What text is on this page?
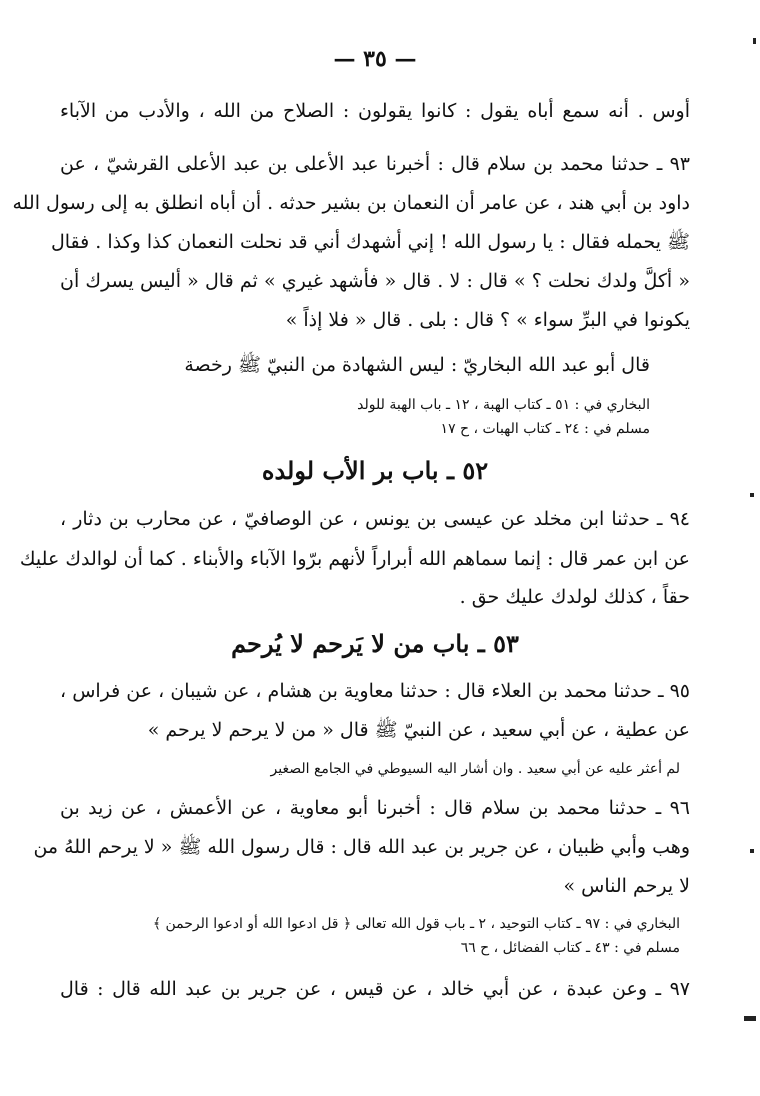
— ٣٥ —
أوس . أنه سمع أباه يقول : كانوا يقولون : الصلاح من الله ، والأدب من الآباء
٩٣ ـ حدثنا محمد بن سلام قال : أخبرنا عبد الأعلى بن عبد الأعلى القرشيّ ، عن
داود بن أبي هند ، عن عامر أن النعمان بن بشير حدثه . أن أباه انطلق به إلى رسول الله
ﷺ يحمله فقال : يا رسول الله ! إني أشهدك أني قد نحلت النعمان كذا وكذا . فقال
« أكلَّ ولدك نحلت ؟ » قال : لا . قال « فأشهد غيري » ثم قال « أليس يسرك أن
يكونوا في البرِّ سواء » ؟ قال : بلى . قال « فلا إذاً »
قال أبو عبد الله البخاريّ : ليس الشهادة من النبيّ ﷺ رخصة
البخاري في : ٥١ ـ كتاب الهبة ، ١٢ ـ باب الهبة للولد
مسلم في : ٢٤ ـ كتاب الهبات ، ح ١٧
٥٢ ـ باب بر الأب لولده
٩٤ ـ حدثنا ابن مخلد عن عيسى بن يونس ، عن الوصافيّ ، عن محارب بن دثار ،
عن ابن عمر قال : إنما سماهم الله أبراراً لأنهم برّوا الآباء والأبناء . كما أن لوالدك عليك
حقاً ، كذلك لولدك عليك حق .
٥٣ ـ باب من لا يَرحم لا يُرحم
٩٥ ـ حدثنا محمد بن العلاء قال : حدثنا معاوية بن هشام ، عن شيبان ، عن فراس ،
عن عطية ، عن أبي سعيد ، عن النبيّ ﷺ قال « من لا يرحم لا يرحم »
لم أعثر عليه عن أبي سعيد . وان أشار اليه السيوطي في الجامع الصغير
٩٦ ـ حدثنا محمد بن سلام قال : أخبرنا أبو معاوية ، عن الأعمش ، عن زيد بن
وهب وأبي ظبيان ، عن جرير بن عبد الله قال : قال رسول الله ﷺ « لا يرحم اللهُ من
لا يرحم الناس »
البخاري في : ٩٧ ـ كتاب التوحيد ، ٢ ـ باب قول الله تعالى ﴿ قل ادعوا الله أو ادعوا الرحمن ﴾
مسلم في : ٤٣ ـ كتاب الفضائل ، ح ٦٦
٩٧ ـ وعن عبدة ، عن أبي خالد ، عن قيس ، عن جرير بن عبد الله قال : قال
